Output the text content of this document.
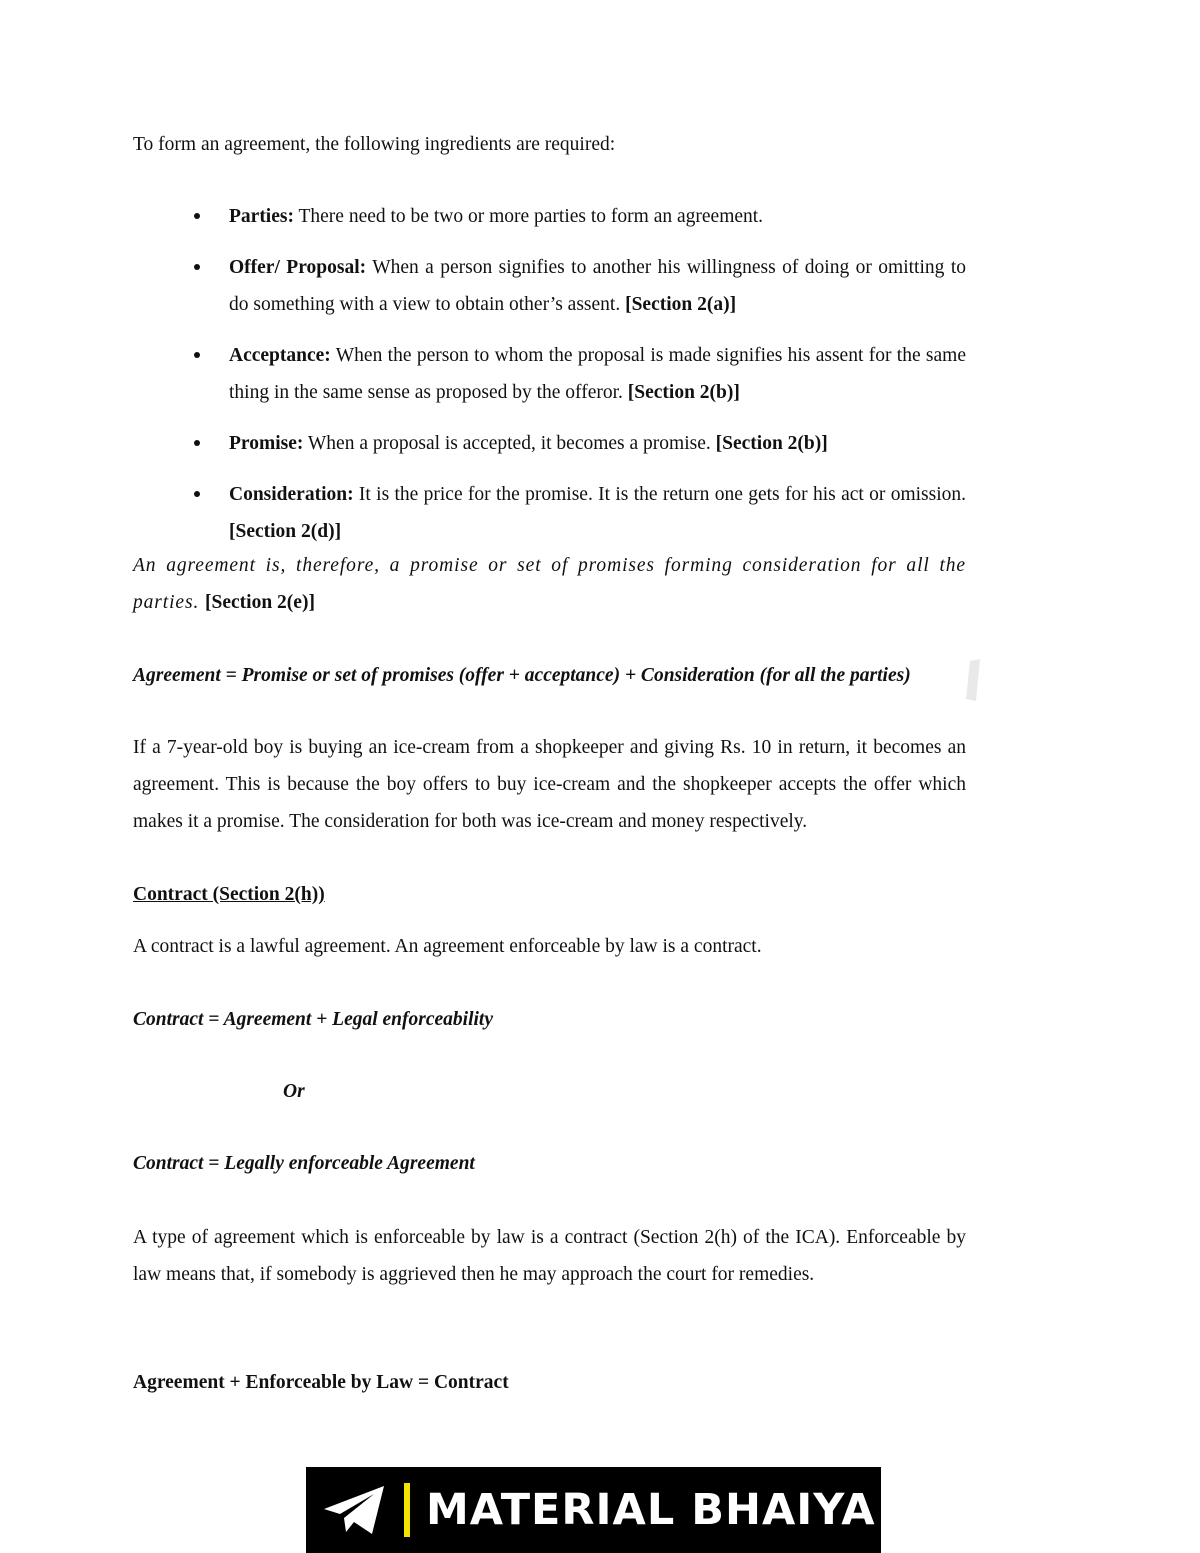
To form an agreement, the following ingredients are required:

Parties: There need to be two or more parties to form an agreement.
Offer/ Proposal: When a person signifies to another his willingness of doing or omitting to do something with a view to obtain other’s assent. [Section 2(a)]
Acceptance: When the person to whom the proposal is made signifies his assent for the same thing in the same sense as proposed by the offeror. [Section 2(b)]
Promise: When a proposal is accepted, it becomes a promise. [Section 2(b)]
Consideration: It is the price for the promise. It is the return one gets for his act or omission. [Section 2(d)]

An agreement is, therefore, a promise or set of promises forming consideration for all the parties. [Section 2(e)]

Agreement = Promise or set of promises (offer + acceptance) + Consideration (for all the parties)

If a 7-year-old boy is buying an ice-cream from a shopkeeper and giving Rs. 10 in return, it becomes an agreement. This is because the boy offers to buy ice-cream and the shopkeeper accepts the offer which makes it a promise. The consideration for both was ice-cream and money respectively.

Contract (Section 2(h))

A contract is a lawful agreement. An agreement enforceable by law is a contract.

Contract = Agreement + Legal enforceability

Or

Contract = Legally enforceable Agreement

A type of agreement which is enforceable by law is a contract (Section 2(h) of the ICA). Enforceable by law means that, if somebody is aggrieved then he may approach the court for remedies.

Agreement + Enforceable by Law = Contract

MATERIAL BHAIYA
